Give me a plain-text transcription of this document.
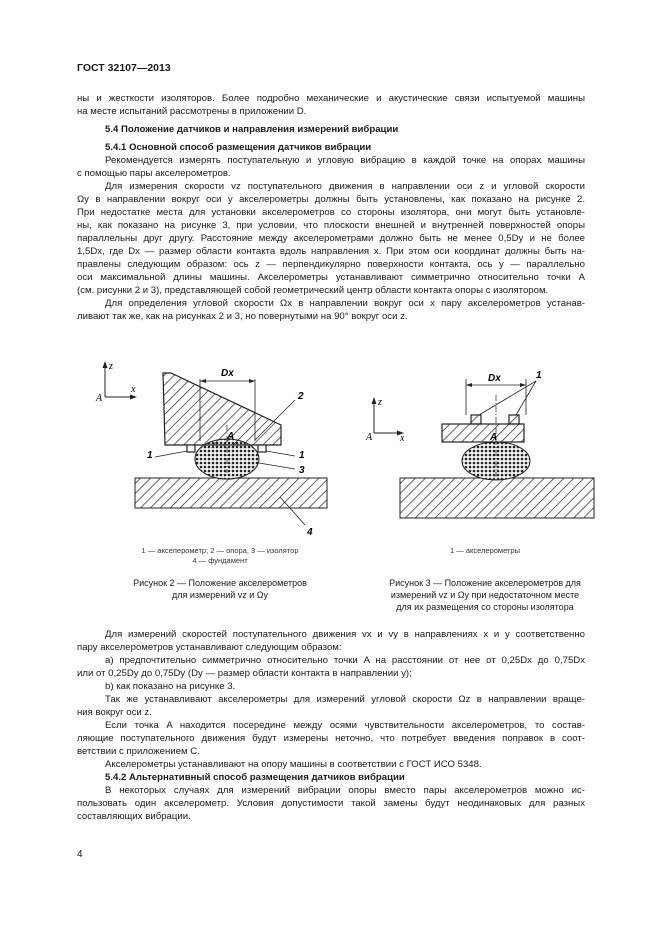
ГОСТ 32107—2013
ны и жесткости изоляторов. Более подробно механические и акустические связи испытуемой машины
на месте испытаний рассмотрены в приложении D.
5.4 Положение датчиков и направления измерений вибрации
5.4.1 Основной способ размещения датчиков вибрации
Рекомендуется измерять поступательную и угловую вибрацию в каждой точке на опорах машины
с помощью пары акселерометров.
Для измерения скорости vz поступательного движения в направлении оси z и угловой скорости
Ωy в направлении вокруг оси y акселерометры должны быть установлены, как показано на рисунке 2.
При недостатке места для установки акселерометров со стороны изолятора, они могут быть установле-
ны, как показано на рисунке 3, при условии, что плоскости внешней и внутренней поверхностей опоры
параллельны друг другу. Расстояние между акселерометрами должно быть не менее 0,5Dy и не более
1,5Dx, где Dx — размер области контакта вдоль направления x. При этом оси координат должны быть на-
правлены следующим образом: ось z — перпендикулярно поверхности контакта, ось y — параллельно
оси максимальной длины машины. Акселерометры устанавливают симметрично относительно точки A
(см. рисунки 2 и 3), представляющей собой геометрический центр области контакта опоры с изолятором.
Для определения угловой скорости Ωx в направлении вокруг оси x пару акселерометров устанав-
ливают так же, как на рисунках 2 и 3, но повернутыми на 90° вокруг оси z.
z
x
A
Dx
A
1	1
2
3
4
1 — акселерометр; 2 — опора, 3 — изолятор
4 — фундамент
Рисунок 2 — Положение акселерометров
для измерений vz и Ωy
z
x
A
Dx
A
1
1 — акселерометры
Рисунок 3 — Положение акселерометров для
измерений vz и Ωy при недостаточном месте
для их размещения со стороны изолятора
Для измерений скоростей поступательного движения vx и vy в направлениях x и y соответственно
пару акселерометров устанавливают следующим образом:
а) предпочтительно симметрично относительно точки A на расстоянии от нее от 0,25Dx до 0,75Dx
или от 0,25Dy до 0,75Dy (Dy — размер области контакта в направлении y);
b) как показано на рисунке 3.
Так же устанавливают акселерометры для измерений угловой скорости Ωz в направлении враще-
ния вокруг оси z.
Если точка A находится посередине между осями чувствительности акселерометров, то состав-
ляющие поступательного движения будут измерены неточно, что потребует введения поправок в соот-
ветствии с приложением C.
Акселерометры устанавливают на опору машины в соответствии с ГОСТ ИСО 5348.
5.4.2 Альтернативный способ размещения датчиков вибрации
В некоторых случаях для измерений вибрации опоры вместо пары акселерометров можно ис-
пользовать один акселерометр. Условия допустимости такой замены будут неодинаковых для разных
составляющих вибрации.
4
